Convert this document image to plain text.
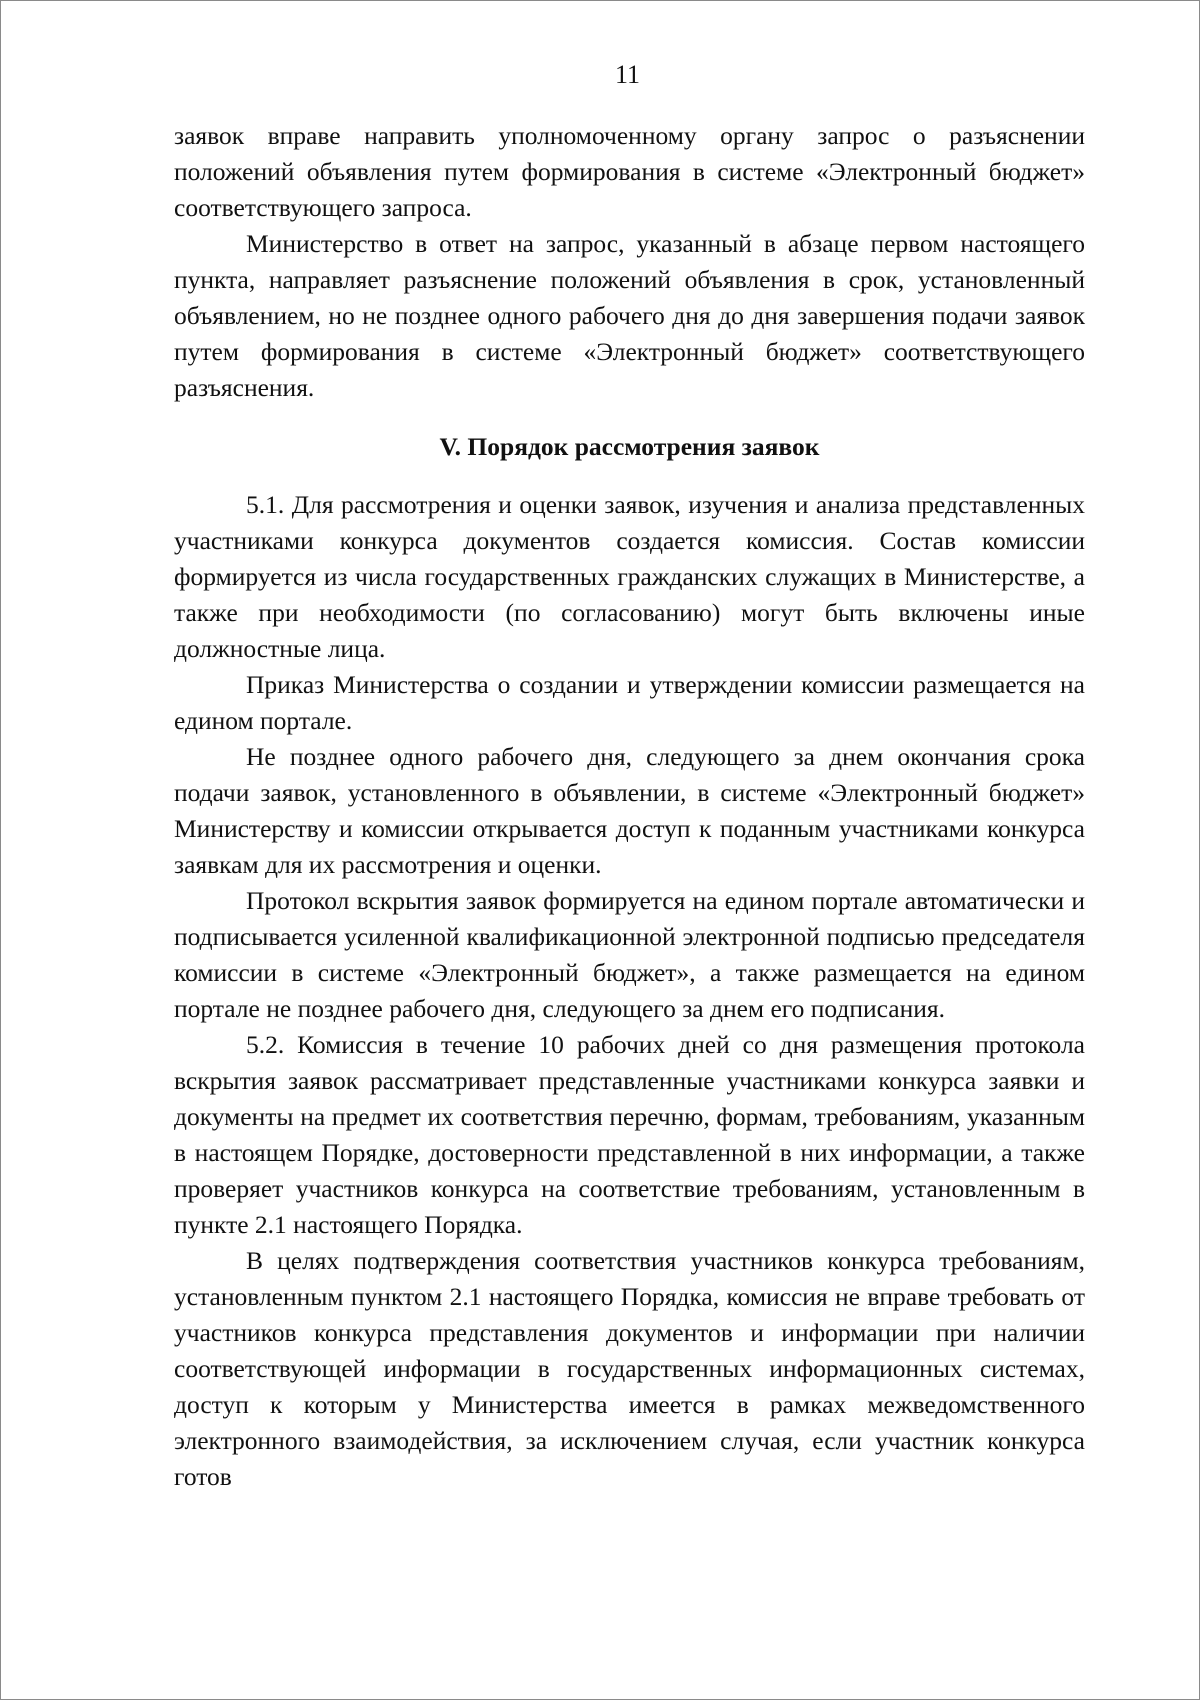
11

заявок вправе направить уполномоченному органу запрос о разъяснении положений объявления путем формирования в системе «Электронный бюджет» соответствующего запроса.

Министерство в ответ на запрос, указанный в абзаце первом настоящего пункта, направляет разъяснение положений объявления в срок, установленный объявлением, но не позднее одного рабочего дня до дня завершения подачи заявок путем формирования в системе «Электронный бюджет» соответствующего разъяснения.

V. Порядок рассмотрения заявок

5.1. Для рассмотрения и оценки заявок, изучения и анализа представленных участниками конкурса документов создается комиссия. Состав комиссии формируется из числа государственных гражданских служащих в Министерстве, а также при необходимости (по согласованию) могут быть включены иные должностные лица.

Приказ Министерства о создании и утверждении комиссии размещается на едином портале.

Не позднее одного рабочего дня, следующего за днем окончания срока подачи заявок, установленного в объявлении, в системе «Электронный бюджет» Министерству и комиссии открывается доступ к поданным участниками конкурса заявкам для их рассмотрения и оценки.

Протокол вскрытия заявок формируется на едином портале автоматически и подписывается усиленной квалификационной электронной подписью председателя комиссии в системе «Электронный бюджет», а также размещается на едином портале не позднее рабочего дня, следующего за днем его подписания.

5.2. Комиссия в течение 10 рабочих дней со дня размещения протокола вскрытия заявок рассматривает представленные участниками конкурса заявки и документы на предмет их соответствия перечню, формам, требованиям, указанным в настоящем Порядке, достоверности представленной в них информации, а также проверяет участников конкурса на соответствие требованиям, установленным в пункте 2.1 настоящего Порядка.

В целях подтверждения соответствия участников конкурса требованиям, установленным пунктом 2.1 настоящего Порядка, комиссия не вправе требовать от участников конкурса представления документов и информации при наличии соответствующей информации в государственных информационных системах, доступ к которым у Министерства имеется в рамках межведомственного электронного взаимодействия, за исключением случая, если участник конкурса готов
